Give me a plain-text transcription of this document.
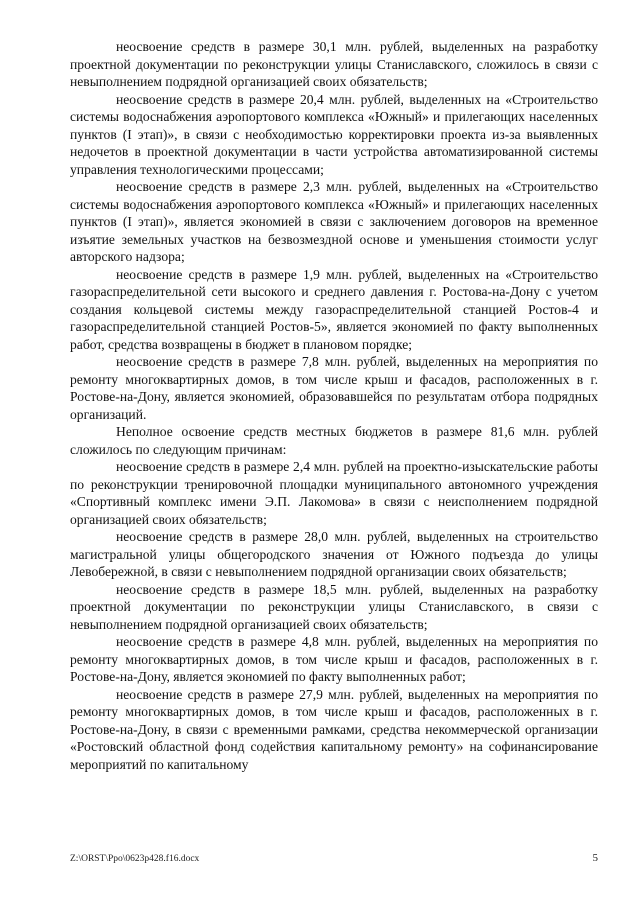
неосвоение средств в размере 30,1 млн. рублей, выделенных на разработку проектной документации по реконструкции улицы Станиславского, сложилось в связи с невыполнением подрядной организацией своих обязательств;

неосвоение средств в размере 20,4 млн. рублей, выделенных на «Строительство системы водоснабжения аэропортового комплекса «Южный» и прилегающих населенных пунктов (I этап)», в связи с необходимостью корректировки проекта из-за выявленных недочетов в проектной документации в части устройства автоматизированной системы управления технологическими процессами;

неосвоение средств в размере 2,3 млн. рублей, выделенных на «Строительство системы водоснабжения аэропортового комплекса «Южный» и прилегающих населенных пунктов (I этап)», является экономией в связи с заключением договоров на временное изъятие земельных участков на безвозмездной основе и уменьшения стоимости услуг авторского надзора;

неосвоение средств в размере 1,9 млн. рублей, выделенных на «Строительство газораспределительной сети высокого и среднего давления г. Ростова-на-Дону с учетом создания кольцевой системы между газораспределительной станцией Ростов-4 и газораспределительной станцией Ростов-5», является экономией по факту выполненных работ, средства возвращены в бюджет в плановом порядке;

неосвоение средств в размере 7,8 млн. рублей, выделенных на мероприятия по ремонту многоквартирных домов, в том числе крыш и фасадов, расположенных в г. Ростове-на-Дону, является экономией, образовавшейся по результатам отбора подрядных организаций.

Неполное освоение средств местных бюджетов в размере 81,6 млн. рублей сложилось по следующим причинам:

неосвоение средств в размере 2,4 млн. рублей на проектно-изыскательские работы по реконструкции тренировочной площадки муниципального автономного учреждения «Спортивный комплекс имени Э.П. Лакомова» в связи с неисполнением подрядной организацией своих обязательств;

неосвоение средств в размере 28,0 млн. рублей, выделенных на строительство магистральной улицы общегородского значения от Южного подъезда до улицы Левобережной, в связи с невыполнением подрядной организации своих обязательств;

неосвоение средств в размере 18,5 млн. рублей, выделенных на разработку проектной документации по реконструкции улицы Станиславского, в связи с невыполнением подрядной организацией своих обязательств;

неосвоение средств в размере 4,8 млн. рублей, выделенных на мероприятия по ремонту многоквартирных домов, в том числе крыш и фасадов, расположенных в г. Ростове-на-Дону, является экономией по факту выполненных работ;

неосвоение средств в размере 27,9 млн. рублей, выделенных на мероприятия по ремонту многоквартирных домов, в том числе крыш и фасадов, расположенных в г. Ростове-на-Дону, в связи с временными рамками, средства некоммерческой организации «Ростовский областной фонд содействия капитальному ремонту» на софинансирование мероприятий по капитальному

Z:\ORST\Ppo\0623p428.f16.docx	5
